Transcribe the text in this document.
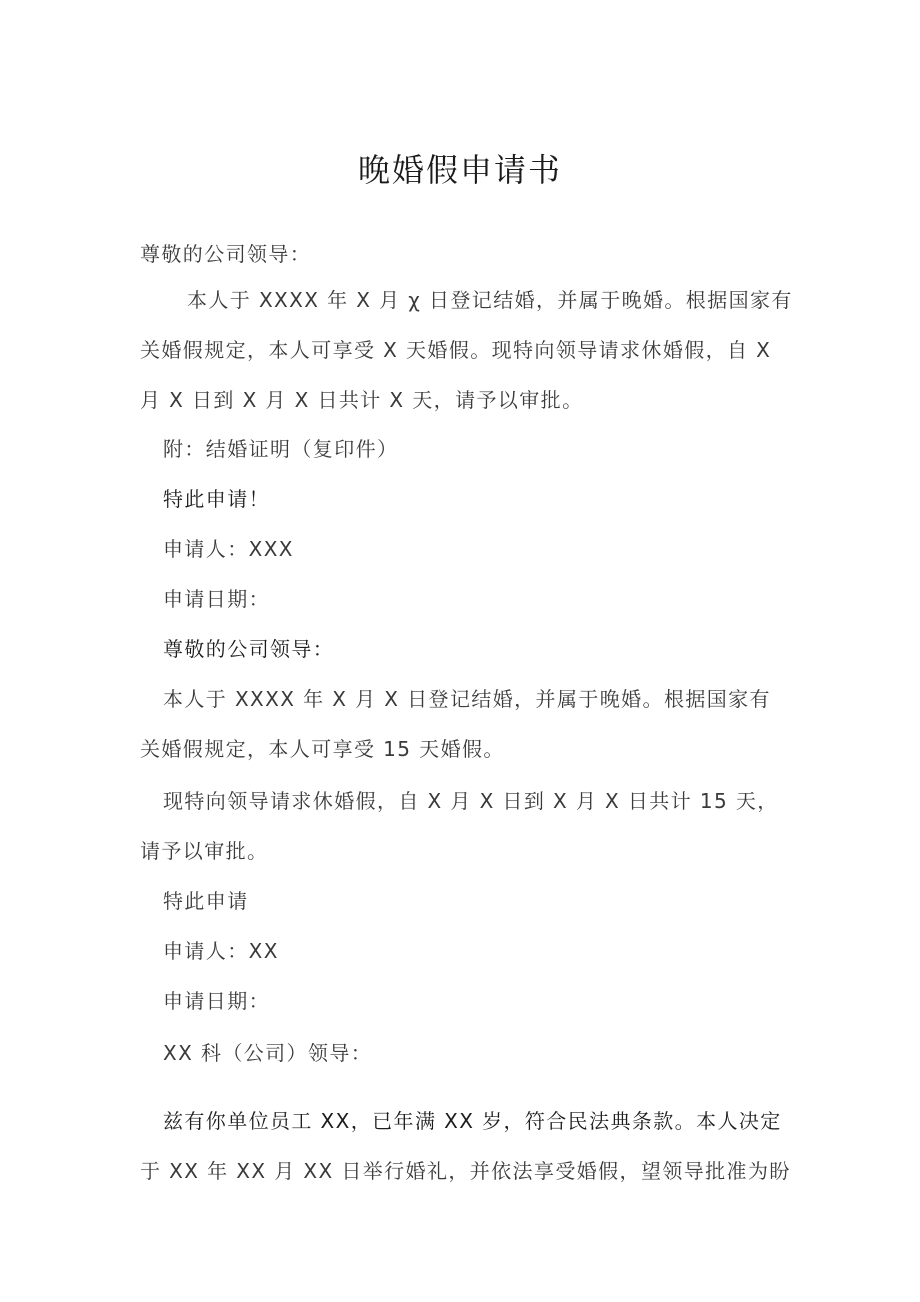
晚婚假申请书
尊敬的公司领导：
本人于 XXXX 年 X 月 χ 日登记结婚，并属于晚婚。根据国家有
关婚假规定，本人可享受 X 天婚假。现特向领导请求休婚假，自 X
月 X 日到 X 月 X 日共计 X 天，请予以审批。
附：结婚证明（复印件）
特此申请！
申请人：XXX
申请日期：
尊敬的公司领导：
本人于 XXXX 年 X 月 X 日登记结婚，并属于晚婚。根据国家有
关婚假规定，本人可享受 15 天婚假。
现特向领导请求休婚假，自 X 月 X 日到 X 月 X 日共计 15 天，
请予以审批。
特此申请
申请人：XX
申请日期：
XX 科（公司）领导：
兹有你单位员工 XX，已年满 XX 岁，符合民法典条款。本人决定
于 XX 年 XX 月 XX 日举行婚礼，并依法享受婚假，望领导批准为盼
